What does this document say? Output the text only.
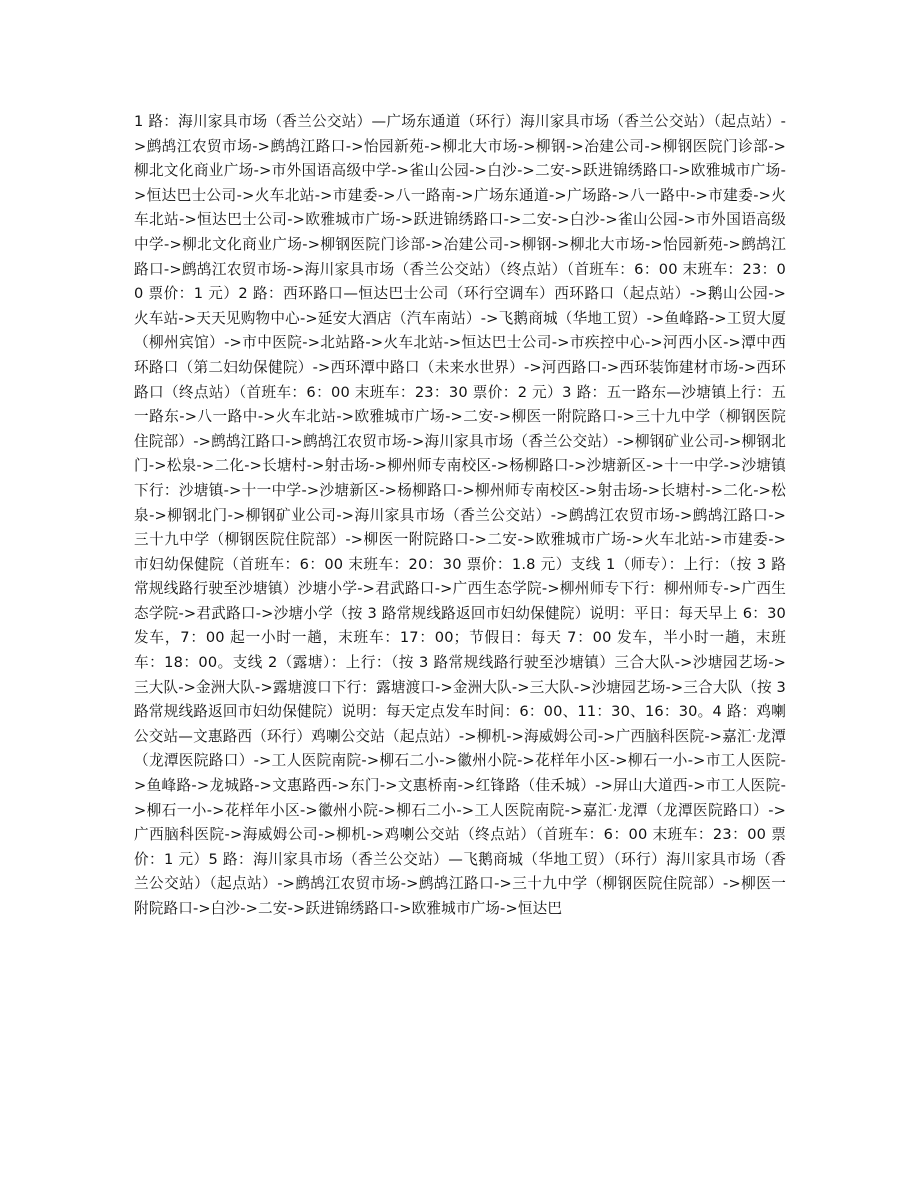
1 路：海川家具市场（香兰公交站）—广场东通道（环行）海川家具市场（香兰公交站）（起点站）->鹧鸪江农贸市场->鹧鸪江路口->怡园新苑->柳北大市场->柳钢->冶建公司->柳钢医院门诊部->柳北文化商业广场->市外国语高级中学->雀山公园->白沙->二安->跃进锦绣路口->欧雅城市广场->恒达巴士公司->火车北站->市建委->八一路南->广场东通道->广场路->八一路中->市建委->火车北站->恒达巴士公司->欧雅城市广场->跃进锦绣路口->二安->白沙->雀山公园->市外国语高级中学->柳北文化商业广场->柳钢医院门诊部->冶建公司->柳钢->柳北大市场->怡园新苑->鹧鸪江路口->鹧鸪江农贸市场->海川家具市场（香兰公交站）（终点站）（首班车：6：00 末班车：23：00 票价：1 元）2 路：西环路口—恒达巴士公司（环行空调车）西环路口（起点站）->鹅山公园->火车站->天天见购物中心->延安大酒店（汽车南站）->飞鹅商城（华地工贸）->鱼峰路->工贸大厦（柳州宾馆）->市中医院->北站路->火车北站->恒达巴士公司->市疾控中心->河西小区->潭中西环路口（第二妇幼保健院）->西环潭中路口（未来水世界）->河西路口->西环装饰建材市场->西环路口（终点站）（首班车：6：00 末班车：23：30 票价：2 元）3 路：五一路东—沙塘镇上行：五一路东->八一路中->火车北站->欧雅城市广场->二安->柳医一附院路口->三十九中学（柳钢医院住院部）->鹧鸪江路口->鹧鸪江农贸市场->海川家具市场（香兰公交站）->柳钢矿业公司->柳钢北门->松泉->二化->长塘村->射击场->柳州师专南校区->杨柳路口->沙塘新区->十一中学->沙塘镇下行：沙塘镇->十一中学->沙塘新区->杨柳路口->柳州师专南校区->射击场->长塘村->二化->松泉->柳钢北门->柳钢矿业公司->海川家具市场（香兰公交站）->鹧鸪江农贸市场->鹧鸪江路口->三十九中学（柳钢医院住院部）->柳医一附院路口->二安->欧雅城市广场->火车北站->市建委->市妇幼保健院（首班车：6：00 末班车：20：30 票价：1.8 元）支线 1（师专）：上行：（按 3 路常规线路行驶至沙塘镇）沙塘小学->君武路口->广西生态学院->柳州师专下行：柳州师专->广西生态学院->君武路口->沙塘小学（按 3 路常规线路返回市妇幼保健院）说明：平日：每天早上 6：30 发车，7：00 起一小时一趟，末班车：17：00；节假日：每天 7：00 发车，半小时一趟，末班车：18：00。支线 2（露塘）：上行：（按 3 路常规线路行驶至沙塘镇）三合大队->沙塘园艺场->三大队->金洲大队->露塘渡口下行：露塘渡口->金洲大队->三大队->沙塘园艺场->三合大队（按 3 路常规线路返回市妇幼保健院）说明：每天定点发车时间：6：00、11：30、16：30。4 路：鸡喇公交站—文惠路西（环行）鸡喇公交站（起点站）->柳机->海威姆公司->广西脑科医院->嘉汇·龙潭（龙潭医院路口）->工人医院南院->柳石二小->徽州小院->花样年小区->柳石一小->市工人医院->鱼峰路->龙城路->文惠路西->东门->文惠桥南->红锋路（佳禾城）->屏山大道西->市工人医院->柳石一小->花样年小区->徽州小院->柳石二小->工人医院南院->嘉汇·龙潭（龙潭医院路口）->广西脑科医院->海威姆公司->柳机->鸡喇公交站（终点站）（首班车：6：00 末班车：23：00 票价：1 元）5 路：海川家具市场（香兰公交站）—飞鹅商城（华地工贸）（环行）海川家具市场（香兰公交站）（起点站）->鹧鸪江农贸市场->鹧鸪江路口->三十九中学（柳钢医院住院部）->柳医一附院路口->白沙->二安->跃进锦绣路口->欧雅城市广场->恒达巴
